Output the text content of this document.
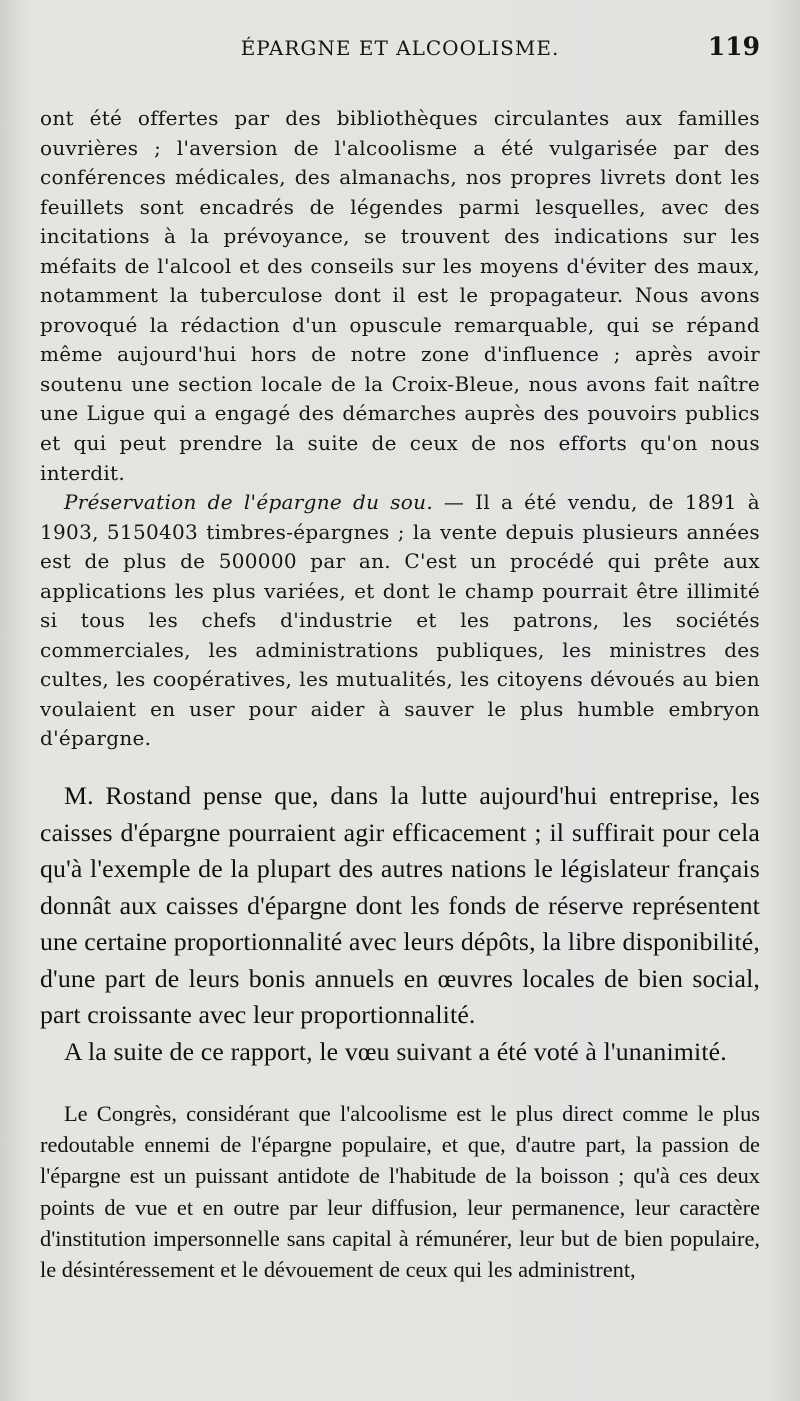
ÉPARGNE ET ALCOOLISME.	119

ont été offertes par des bibliothèques circulantes aux familles ouvrières ; l'aversion de l'alcoolisme a été vulgarisée par des conférences médicales, des almanachs, nos propres livrets dont les feuillets sont encadrés de légendes parmi lesquelles, avec des incitations à la prévoyance, se trouvent des indications sur les méfaits de l'alcool et des conseils sur les moyens d'éviter des maux, notamment la tuberculose dont il est le propagateur. Nous avons provoqué la rédaction d'un opuscule remarquable, qui se répand même aujourd'hui hors de notre zone d'influence ; après avoir soutenu une section locale de la Croix-Bleue, nous avons fait naître une Ligue qui a engagé des démarches auprès des pouvoirs publics et qui peut prendre la suite de ceux de nos efforts qu'on nous interdit.

Préservation de l'épargne du sou. — Il a été vendu, de 1891 à 1903, 5150403 timbres-épargnes ; la vente depuis plusieurs années est de plus de 500000 par an. C'est un procédé qui prête aux applications les plus variées, et dont le champ pourrait être illimité si tous les chefs d'industrie et les patrons, les sociétés commerciales, les administrations publiques, les ministres des cultes, les coopératives, les mutualités, les citoyens dévoués au bien voulaient en user pour aider à sauver le plus humble embryon d'épargne.

M. Rostand pense que, dans la lutte aujourd'hui entreprise, les caisses d'épargne pourraient agir efficacement ; il suffirait pour cela qu'à l'exemple de la plupart des autres nations le législateur français donnât aux caisses d'épargne dont les fonds de réserve représentent une certaine proportionnalité avec leurs dépôts, la libre disponibilité, d'une part de leurs bonis annuels en œuvres locales de bien social, part croissante avec leur proportionnalité.

A la suite de ce rapport, le vœu suivant a été voté à l'unanimité.

Le Congrès, considérant que l'alcoolisme est le plus direct comme le plus redoutable ennemi de l'épargne populaire, et que, d'autre part, la passion de l'épargne est un puissant antidote de l'habitude de la boisson ; qu'à ces deux points de vue et en outre par leur diffusion, leur permanence, leur caractère d'institution impersonnelle sans capital à rémunérer, leur but de bien populaire, le désintéressement et le dévouement de ceux qui les administrent,
